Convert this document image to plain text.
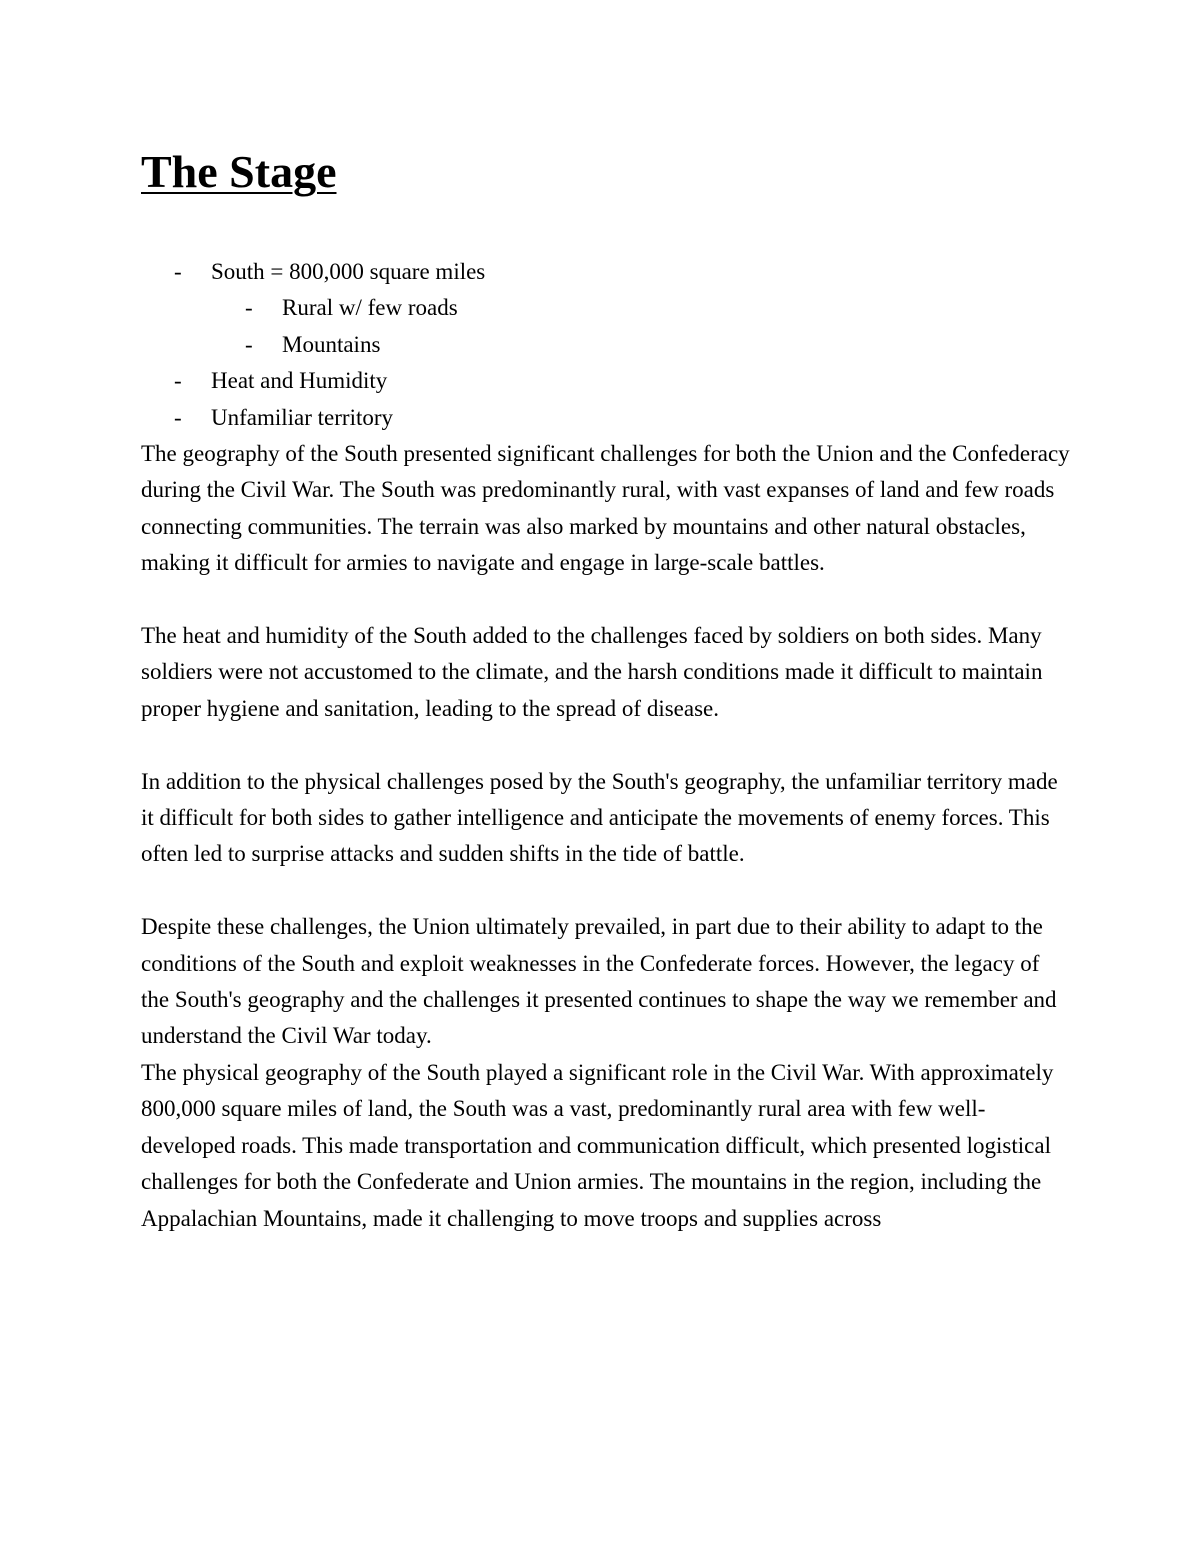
The Stage
- South = 800,000 square miles
- Rural w/ few roads
- Mountains
- Heat and Humidity
- Unfamiliar territory

The geography of the South presented significant challenges for both the Union and the Confederacy during the Civil War. The South was predominantly rural, with vast expanses of land and few roads connecting communities. The terrain was also marked by mountains and other natural obstacles, making it difficult for armies to navigate and engage in large-scale battles.

The heat and humidity of the South added to the challenges faced by soldiers on both sides. Many soldiers were not accustomed to the climate, and the harsh conditions made it difficult to maintain proper hygiene and sanitation, leading to the spread of disease.

In addition to the physical challenges posed by the South's geography, the unfamiliar territory made it difficult for both sides to gather intelligence and anticipate the movements of enemy forces. This often led to surprise attacks and sudden shifts in the tide of battle.

Despite these challenges, the Union ultimately prevailed, in part due to their ability to adapt to the conditions of the South and exploit weaknesses in the Confederate forces. However, the legacy of the South's geography and the challenges it presented continues to shape the way we remember and understand the Civil War today.

The physical geography of the South played a significant role in the Civil War. With approximately 800,000 square miles of land, the South was a vast, predominantly rural area with few well-developed roads. This made transportation and communication difficult, which presented logistical challenges for both the Confederate and Union armies. The mountains in the region, including the Appalachian Mountains, made it challenging to move troops and supplies across
